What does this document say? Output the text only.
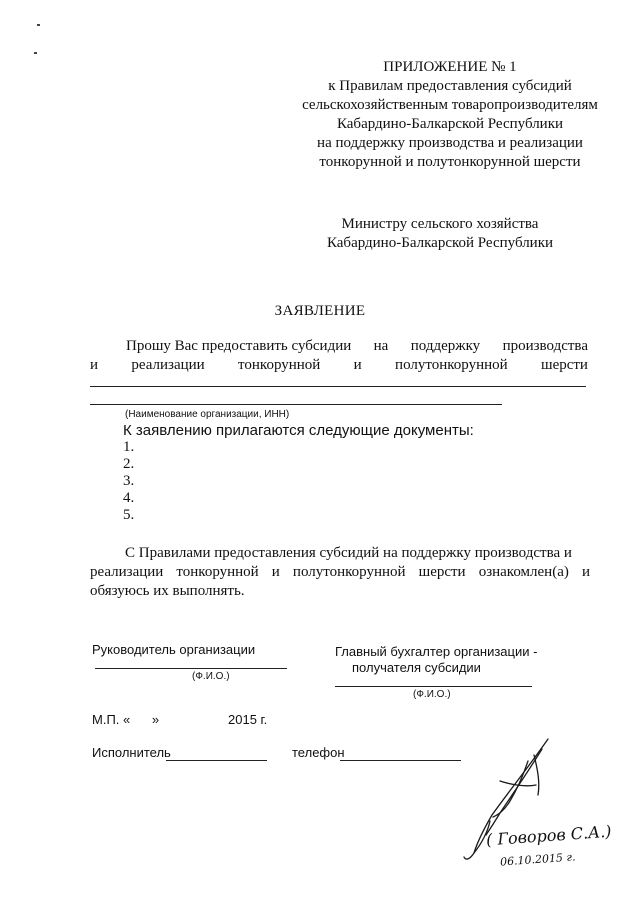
ПРИЛОЖЕНИЕ № 1
к Правилам предоставления субсидий
сельскохозяйственным товаропроизводителям
Кабардино-Балкарской Республики
на поддержку производства и реализации
тонкорунной и полутонкорунной шерсти
Министру сельского хозяйства
Кабардино-Балкарской Республики
ЗАЯВЛЕНИЕ
Прошу Вас предоставить субсидии на поддержку производства
и реализации тонкорунной и полутонкорунной шерсти
(Наименование организации, ИНН)
К заявлению прилагаются следующие документы:
1.
2.
3.
4.
5.
С Правилами предоставления субсидий на поддержку производства и
реализации тонкорунной и полутонкорунной шерсти ознакомлен(а) и
обязуюсь их выполнять.
Руководитель организации
(Ф.И.О.)
Главный бухгалтер организации -
получателя субсидии
(Ф.И.О.)
М.П. «      »	2015 г.
Исполнитель	телефон
( Говоров С.А.)
06.10.2015 г.
